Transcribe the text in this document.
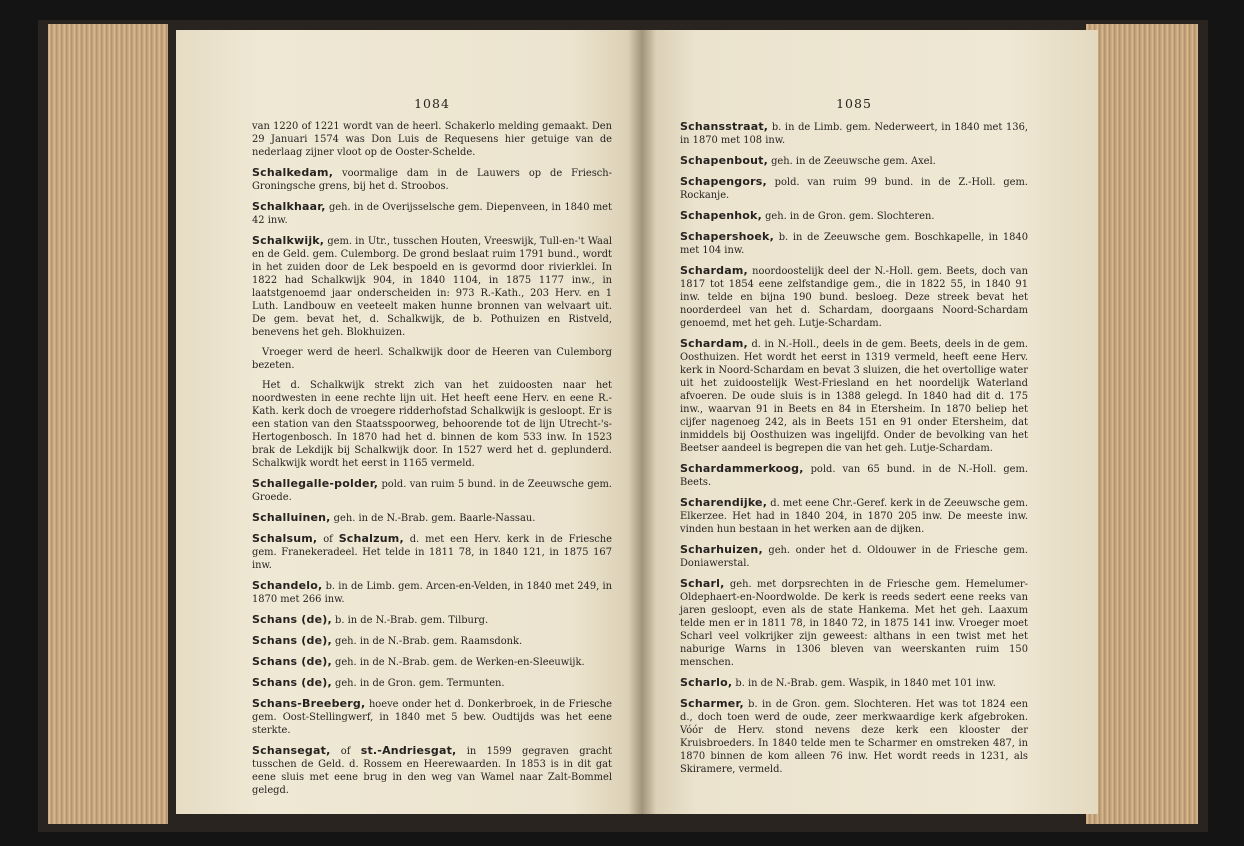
1084

van 1220 of 1221 wordt van de heerl. Schakerlo melding gemaakt. Den 29 Januari 1574 was Don Luis de Requesens hier getuige van de nederlaag zijner vloot op de Ooster-Schelde.

Schalkedam, voormalige dam in de Lauwers op de Friesch-Groningsche grens, bij het d. Stroobos.

Schalkhaar, geh. in de Overijsselsche gem. Diepenveen, in 1840 met 42 inw.

Schalkwijk, gem. in Utr., tusschen Houten, Vreeswijk, Tull-en-'t Waal en de Geld. gem. Culemborg. De grond beslaat ruim 1791 bund., wordt in het zuiden door de Lek bespoeld en is gevormd door rivierklei. In 1822 had Schalkwijk 904, in 1840 1104, in 1875 1177 inw., in laatstgenoemd jaar onderscheiden in: 973 R.-Kath., 203 Herv. en 1 Luth. Landbouw en veeteelt maken hunne bronnen van welvaart uit. De gem. bevat het, d. Schalkwijk, de b. Pothuizen en Ristveld, benevens het geh. Blokhuizen.

Vroeger werd de heerl. Schalkwijk door de Heeren van Culemborg bezeten.

Het d. Schalkwijk strekt zich van het zuidoosten naar het noordwesten in eene rechte lijn uit. Het heeft eene Herv. en eene R.-Kath. kerk doch de vroegere ridderhofstad Schalkwijk is gesloopt. Er is een station van den Staatsspoorweg, behoorende tot de lijn Utrecht-'s-Hertogenbosch. In 1870 had het d. binnen de kom 533 inw. In 1523 brak de Lekdijk bij Schalkwijk door. In 1527 werd het d. geplunderd. Schalkwijk wordt het eerst in 1165 vermeld.

Schallegalle-polder, pold. van ruim 5 bund. in de Zeeuwsche gem. Groede.

Schalluinen, geh. in de N.-Brab. gem. Baarle-Nassau.

Schalsum, of Schalzum, d. met een Herv. kerk in de Friesche gem. Franekeradeel. Het telde in 1811 78, in 1840 121, in 1875 167 inw.

Schandelo, b. in de Limb. gem. Arcen-en-Velden, in 1840 met 249, in 1870 met 266 inw.

Schans (de), b. in de N.-Brab. gem. Tilburg.

Schans (de), geh. in de N.-Brab. gem. Raamsdonk.

Schans (de), geh. in de N.-Brab. gem. de Werken-en-Sleeuwijk.

Schans (de), geh. in de Gron. gem. Termunten.

Schans-Breeberg, hoeve onder het d. Donkerbroek, in de Friesche gem. Oost-Stellingwerf, in 1840 met 5 bew. Oudtijds was het eene sterkte.

Schansegat, of st.-Andriesgat, in 1599 gegraven gracht tusschen de Geld. d. Rossem en Heerewaarden. In 1853 is in dit gat eene sluis met eene brug in den weg van Wamel naar Zalt-Bommel gelegd.

1085

Schansstraat, b. in de Limb. gem. Nederweert, in 1840 met 136, in 1870 met 108 inw.

Schapenbout, geh. in de Zeeuwsche gem. Axel.

Schapengors, pold. van ruim 99 bund. in de Z.-Holl. gem. Rockanje.

Schapenhok, geh. in de Gron. gem. Slochteren.

Schapershoek, b. in de Zeeuwsche gem. Boschkapelle, in 1840 met 104 inw.

Schardam, noordoostelijk deel der N.-Holl. gem. Beets, doch van 1817 tot 1854 eene zelfstandige gem., die in 1822 55, in 1840 91 inw. telde en bijna 190 bund. besloeg. Deze streek bevat het noorderdeel van het d. Schardam, doorgaans Noord-Schardam genoemd, met het geh. Lutje-Schardam.

Schardam, d. in N.-Holl., deels in de gem. Beets, deels in de gem. Oosthuizen. Het wordt het eerst in 1319 vermeld, heeft eene Herv. kerk in Noord-Schardam en bevat 3 sluizen, die het overtollige water uit het zuidoostelijk West-Friesland en het noordelijk Waterland afvoeren. De oude sluis is in 1388 gelegd. In 1840 had dit d. 175 inw., waarvan 91 in Beets en 84 in Etersheim. In 1870 beliep het cijfer nagenoeg 242, als in Beets 151 en 91 onder Etersheim, dat inmiddels bij Oosthuizen was ingelijfd. Onder de bevolking van het Beetser aandeel is begrepen die van het geh. Lutje-Schardam.

Schardammerkoog, pold. van 65 bund. in de N.-Holl. gem. Beets.

Scharendijke, d. met eene Chr.-Geref. kerk in de Zeeuwsche gem. Elkerzee. Het had in 1840 204, in 1870 205 inw. De meeste inw. vinden hun bestaan in het werken aan de dijken.

Scharhuizen, geh. onder het d. Oldouwer in de Friesche gem. Doniawerstal.

Scharl, geh. met dorpsrechten in de Friesche gem. Hemelumer-Oldephaert-en-Noordwolde. De kerk is reeds sedert eene reeks van jaren gesloopt, even als de state Hankema. Met het geh. Laaxum telde men er in 1811 78, in 1840 72, in 1875 141 inw. Vroeger moet Scharl veel volkrijker zijn geweest: althans in een twist met het naburige Warns in 1306 bleven van weerskanten ruim 150 menschen.

Scharlo, b. in de N.-Brab. gem. Waspik, in 1840 met 101 inw.

Scharmer, b. in de Gron. gem. Slochteren. Het was tot 1824 een d., doch toen werd de oude, zeer merkwaardige kerk afgebroken. Vóór de Herv. stond nevens deze kerk een klooster der Kruisbroeders. In 1840 telde men te Scharmer en omstreken 487, in 1870 binnen de kom alleen 76 inw. Het wordt reeds in 1231, als Skiramere, vermeld.
